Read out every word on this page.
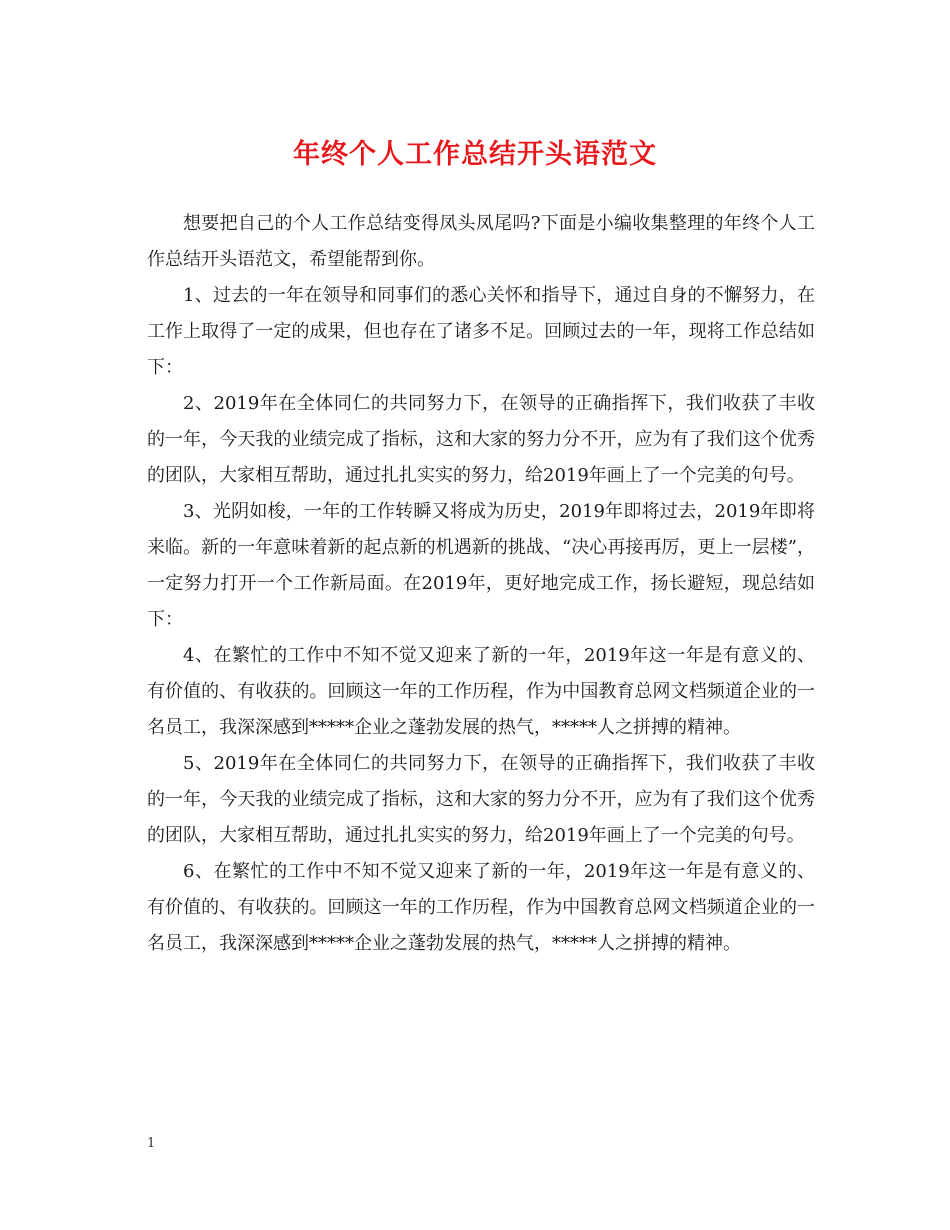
年终个人工作总结开头语范文

想要把自己的个人工作总结变得凤头凤尾吗?下面是小编收集整理的年终个人工作总结开头语范文，希望能帮到你。

1、过去的一年在领导和同事们的悉心关怀和指导下，通过自身的不懈努力，在工作上取得了一定的成果，但也存在了诸多不足。回顾过去的一年，现将工作总结如下：

2、2019年在全体同仁的共同努力下，在领导的正确指挥下，我们收获了丰收的一年，今天我的业绩完成了指标，这和大家的努力分不开，应为有了我们这个优秀的团队，大家相互帮助，通过扎扎实实的努力，给2019年画上了一个完美的句号。

3、光阴如梭，一年的工作转瞬又将成为历史，2019年即将过去，2019年即将来临。新的一年意味着新的起点新的机遇新的挑战、“决心再接再厉，更上一层楼”，一定努力打开一个工作新局面。在2019年，更好地完成工作，扬长避短，现总结如下：

4、在繁忙的工作中不知不觉又迎来了新的一年，2019年这一年是有意义的、有价值的、有收获的。回顾这一年的工作历程，作为中国教育总网文档频道企业的一名员工，我深深感到*****企业之蓬勃发展的热气，*****人之拼搏的精神。

5、2019年在全体同仁的共同努力下，在领导的正确指挥下，我们收获了丰收的一年，今天我的业绩完成了指标，这和大家的努力分不开，应为有了我们这个优秀的团队，大家相互帮助，通过扎扎实实的努力，给2019年画上了一个完美的句号。

6、在繁忙的工作中不知不觉又迎来了新的一年，2019年这一年是有意义的、有价值的、有收获的。回顾这一年的工作历程，作为中国教育总网文档频道企业的一名员工，我深深感到*****企业之蓬勃发展的热气，*****人之拼搏的精神。

1
